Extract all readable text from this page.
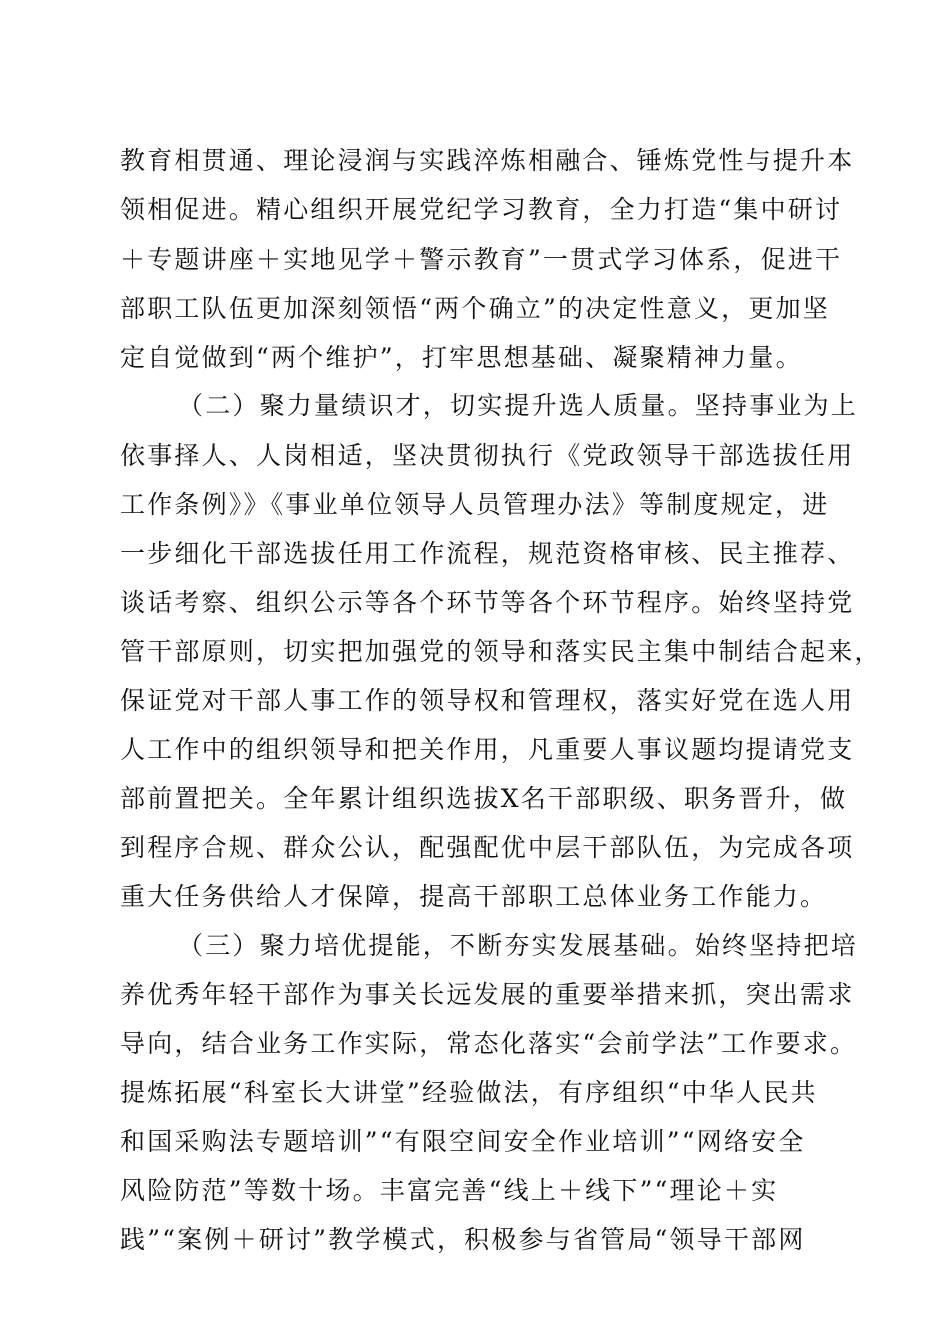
教育相贯通、理论浸润与实践淬炼相融合、锤炼党性与提升本
领相促进。精心组织开展党纪学习教育，全力打造“集中研讨
＋专题讲座＋实地见学＋警示教育”一贯式学习体系，促进干
部职工队伍更加深刻领悟“两个确立”的决定性意义，更加坚
定自觉做到“两个维护”，打牢思想基础、凝聚精神力量。
（二）聚力量绩识才，切实提升选人质量。坚持事业为上
依事择人、人岗相适，坚决贯彻执行《党政领导干部选拔任用
工作条例》》《事业单位领导人员管理办法》等制度规定，进
一步细化干部选拔任用工作流程，规范资格审核、民主推荐、
谈话考察、组织公示等各个环节等各个环节程序。始终坚持党
管干部原则，切实把加强党的领导和落实民主集中制结合起来，
保证党对干部人事工作的领导权和管理权，落实好党在选人用
人工作中的组织领导和把关作用，凡重要人事议题均提请党支
部前置把关。全年累计组织选拔X名干部职级、职务晋升，做
到程序合规、群众公认，配强配优中层干部队伍，为完成各项
重大任务供给人才保障，提高干部职工总体业务工作能力。
（三）聚力培优提能，不断夯实发展基础。始终坚持把培
养优秀年轻干部作为事关长远发展的重要举措来抓，突出需求
导向，结合业务工作实际，常态化落实“会前学法”工作要求。
提炼拓展“科室长大讲堂”经验做法，有序组织“中华人民共
和国采购法专题培训”“有限空间安全作业培训”“网络安全
风险防范”等数十场。丰富完善“线上＋线下”“理论＋实
践”“案例＋研讨”教学模式，积极参与省管局“领导干部网
